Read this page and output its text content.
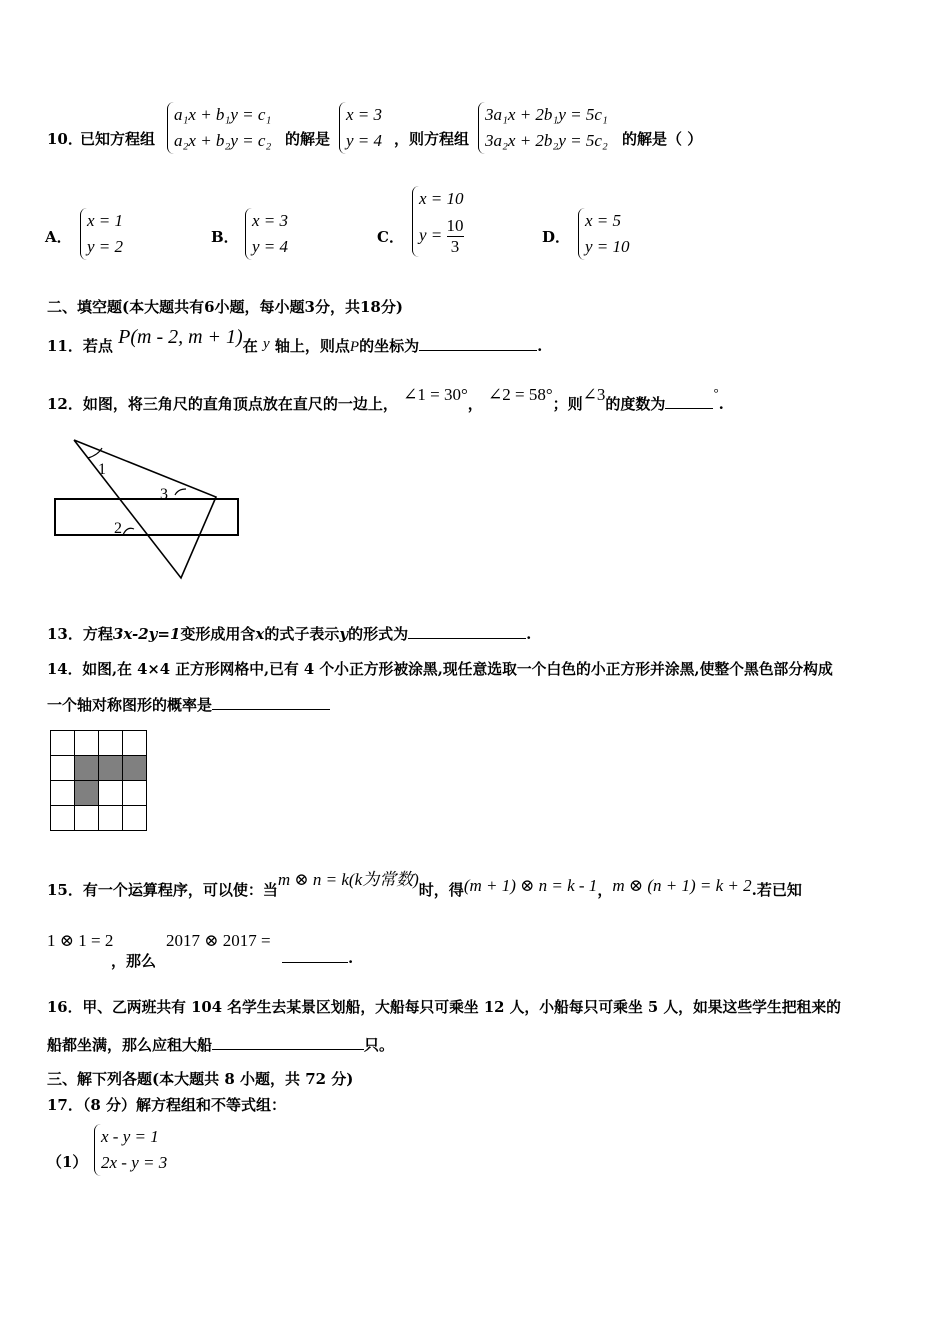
10．
已知方程组
a₁x + b₁y = c₁
a₂x + b₂y = c₂ 的解是
x = 3
y = 4 ，则方程组
3a₁x + 2b₁y = 5c₁
3a₂x + 2b₂y = 5c₂ 的解是（ ）
A．
x = 1
y = 2	B．
x = 3
y = 4	C．
x = 10
$y = \frac{10}{3}$	D．
x = 5
y = 10
二、填空题(本大题共有6小题，每小题3分，共18分)
11．若点 P(m - 2, m + 1)在 y 轴上，则点P的坐标为	.
12．如图，将三角尺的直角顶点放在直尺的一边上， ∠1 = 30°， ∠2 = 58°；则∠3的度数为°.
1
3
2
13．方程3x-2y=1变形成用含x的式子表示y的形式为	.
14．如图,在 4×4 正方形网格中,已有 4 个小正方形被涂黑,现任意选取一个白色的小正方形并涂黑,使整个黑色部分构成
一个轴对称图形的概率是

15．有一个运算程序，可以使：当m ⊗ n = k(k为常数)时，得(m + 1) ⊗ n = k - 1，m ⊗ (n + 1) = k + 2.若已知
1 ⊗ 1 = 2
，那么
2017 ⊗ 2017 =
.
16．甲、乙两班共有 104 名学生去某景区划船，大船每只可乘坐 12 人，小船每只可乘坐 5 人，如果这些学生把租来的
船都坐满，那么应租大船	只。
三、解下列各题(本大题共 8 小题，共 72 分)
17．（8 分）解方程组和不等式组：
（1）
x - y = 1
2x - y = 3
